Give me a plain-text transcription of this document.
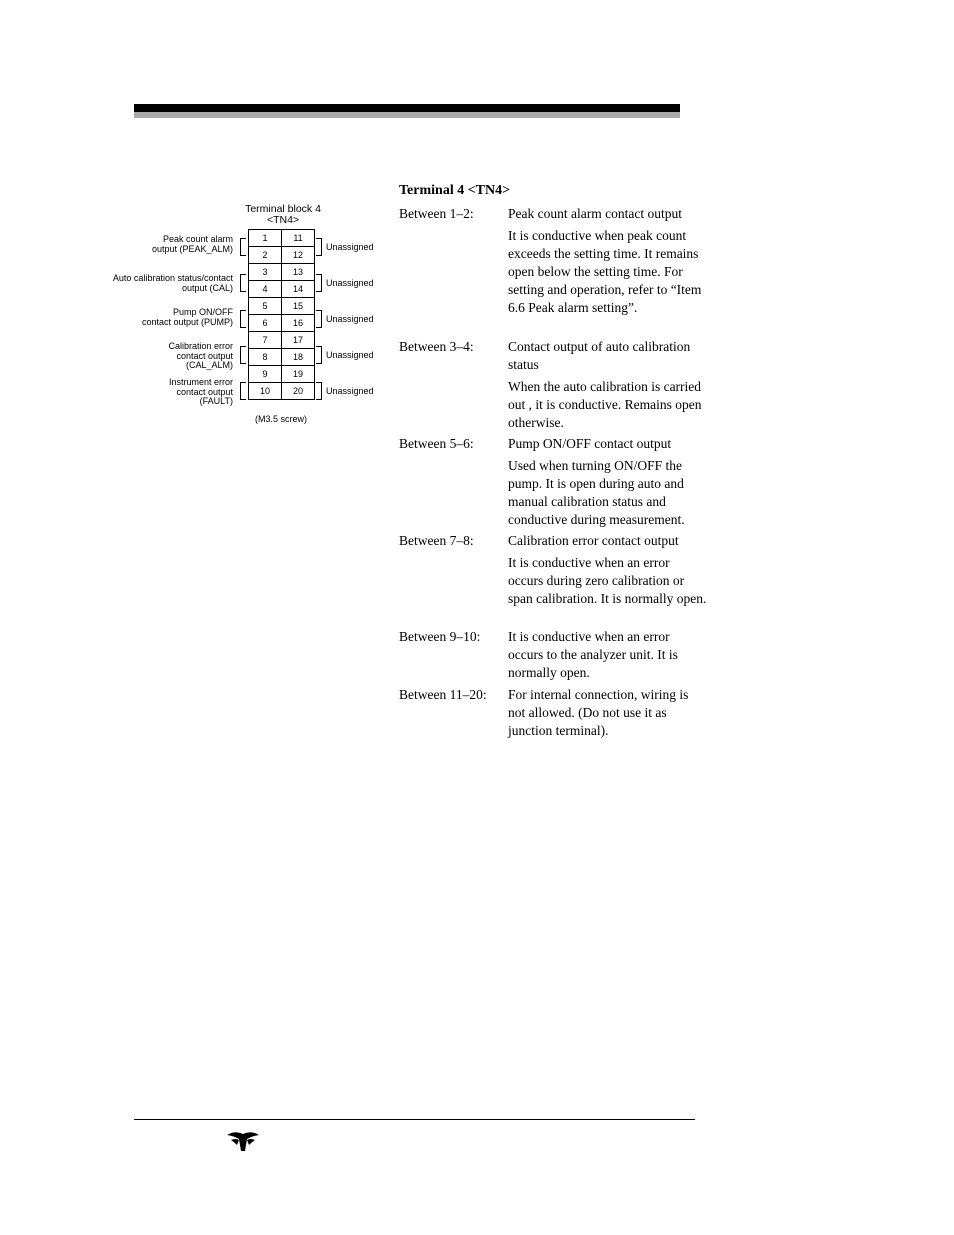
Terminal block 4
<TN4>
1	11
2	12
3	13
4	14
5	15
6	16
7	17
8	18
9	19
10	20
Peak count alarm
output (PEAK_ALM)
Auto calibration status/contact
output (CAL)
Pump ON/OFF
contact output (PUMP)
Calibration error
contact output
(CAL_ALM)
Instrument error
contact output
(FAULT)
Unassigned
Unassigned
Unassigned
Unassigned
Unassigned
(M3.5 screw)
Terminal 4 <TN4>
Between 1–2:	Peak count alarm contact output
It is conductive when peak count exceeds the setting time. It remains open below the setting time. For setting and operation, refer to “Item 6.6 Peak alarm setting”.
Between 3–4:	Contact output of auto calibration status
When the auto calibration is carried out , it is conductive. Remains open otherwise.
Between 5–6:	Pump ON/OFF contact output
Used when turning ON/OFF the pump. It is open during auto and manual calibration status and conductive during measurement.
Between 7–8:	Calibration error contact output
It is conductive when an error occurs during zero calibration or span calibration. It is normally open.
Between 9–10: It is conductive when an error occurs to the analyzer unit. It is normally open.
Between 11–20: For internal connection, wiring is not allowed. (Do not use it as junction terminal).
